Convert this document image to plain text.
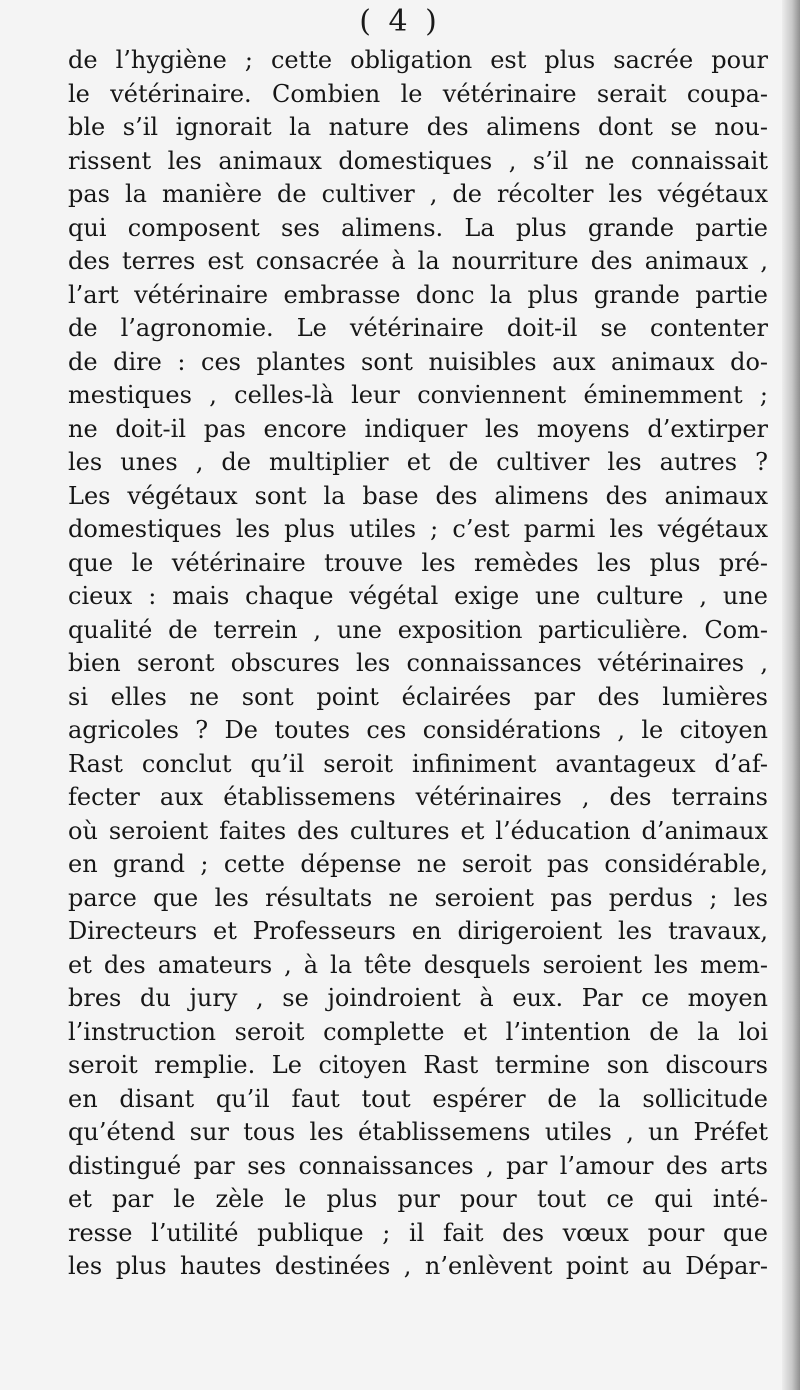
( 4 )
de l’hygiène ; cette obligation est plus sacrée pour
le vétérinaire. Combien le vétérinaire serait coupa-
ble s’il ignorait la nature des alimens dont se nou-
rissent les animaux domestiques , s’il ne connaissait
pas la manière de cultiver , de récolter les végétaux
qui composent ses alimens. La plus grande partie
des terres est consacrée à la nourriture des animaux ,
l’art vétérinaire embrasse donc la plus grande partie
de l’agronomie. Le vétérinaire doit-il se contenter
de dire : ces plantes sont nuisibles aux animaux do-
mestiques , celles-là leur conviennent éminemment ;
ne doit-il pas encore indiquer les moyens d’extirper
les unes , de multiplier et de cultiver les autres ?
Les végétaux sont la base des alimens des animaux
domestiques les plus utiles ; c’est parmi les végétaux
que le vétérinaire trouve les remèdes les plus pré-
cieux : mais chaque végétal exige une culture , une
qualité de terrein , une exposition particulière. Com-
bien seront obscures les connaissances vétérinaires ,
si elles ne sont point éclairées par des lumières
agricoles ? De toutes ces considérations , le citoyen
Rast conclut qu’il seroit infiniment avantageux d’af-
fecter aux établissemens vétérinaires , des terrains
où seroient faites des cultures et l’éducation d’animaux
en grand ; cette dépense ne seroit pas considérable,
parce que les résultats ne seroient pas perdus ; les
Directeurs et Professeurs en dirigeroient les travaux,
et des amateurs , à la tête desquels seroient les mem-
bres du jury , se joindroient à eux. Par ce moyen
l’instruction seroit complette et l’intention de la loi
seroit remplie. Le citoyen Rast termine son discours
en disant qu’il faut tout espérer de la sollicitude
qu’étend sur tous les établissemens utiles , un Préfet
distingué par ses connaissances , par l’amour des arts
et par le zèle le plus pur pour tout ce qui inté-
resse l’utilité publique ; il fait des vœux pour que
les plus hautes destinées , n’enlèvent point au Dépar-
